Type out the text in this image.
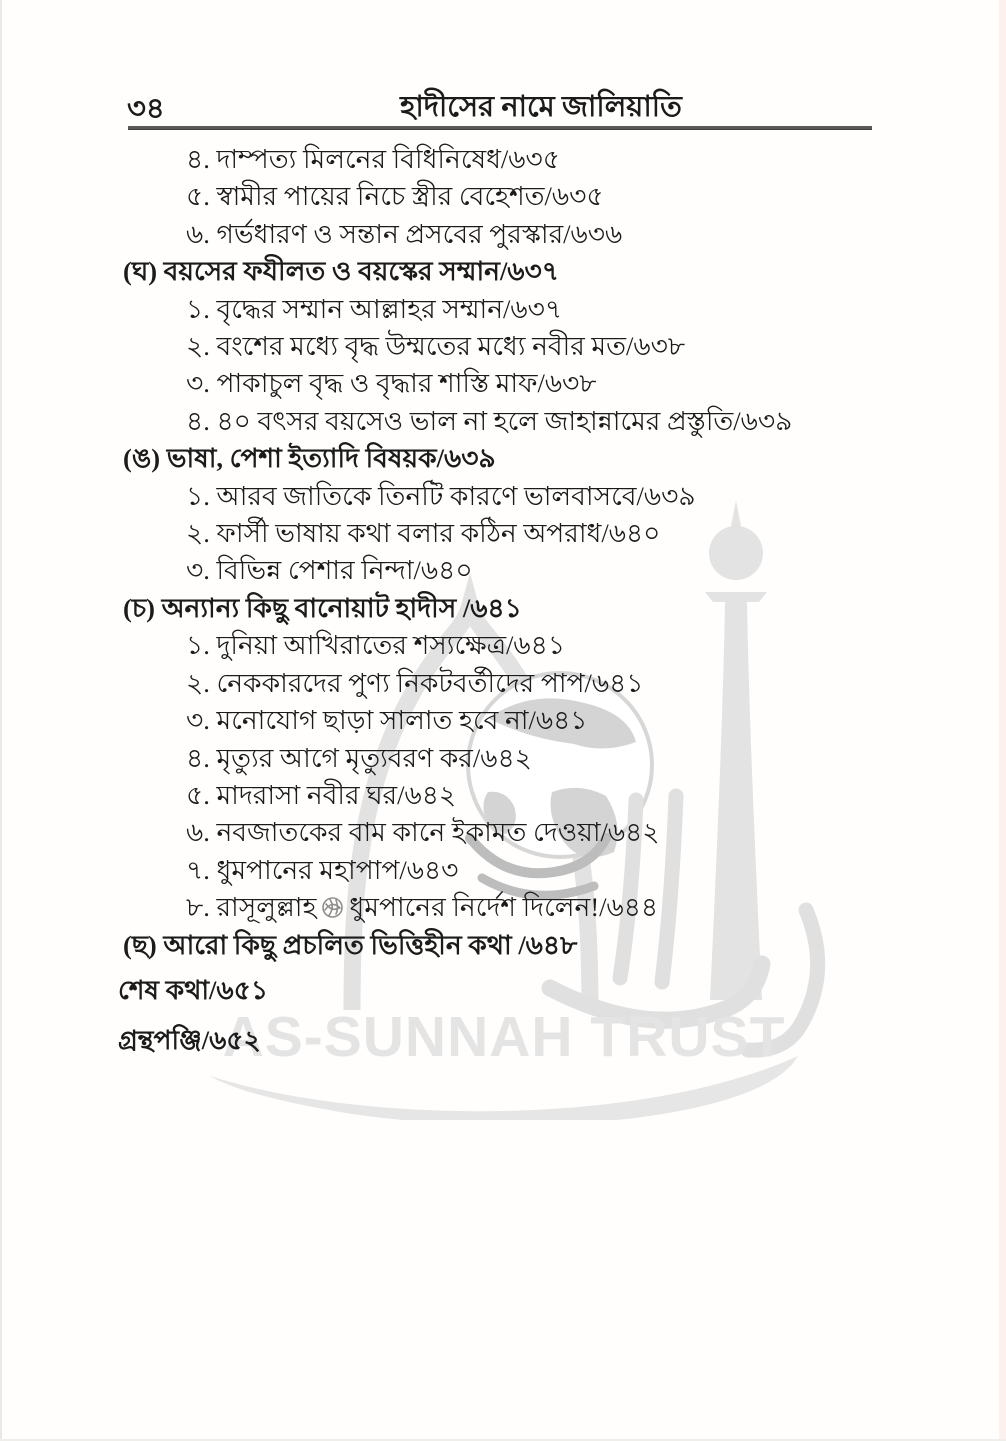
AS-SUNNAH TRUST
৩৪	হাদীসের নামে জালিয়াতি
৪. দাম্পত্য মিলনের বিধিনিষেধ/৬৩৫
৫. স্বামীর পায়ের নিচে স্ত্রীর বেহেশত/৬৩৫
৬. গর্ভধারণ ও সন্তান প্রসবের পুরস্কার/৬৩৬
(ঘ) বয়সের ফযীলত ও বয়স্কের সম্মান/৬৩৭
১. বৃদ্ধের সম্মান আল্লাহর সম্মান/৬৩৭
২. বংশের মধ্যে বৃদ্ধ উম্মতের মধ্যে নবীর মত/৬৩৮
৩. পাকাচুল বৃদ্ধ ও বৃদ্ধার শাস্তি মাফ/৬৩৮
৪. ৪০ বৎসর বয়সেও ভাল না হলে জাহান্নামের প্রস্তুতি/৬৩৯
(ঙ) ভাষা, পেশা ইত্যাদি বিষয়ক/৬৩৯
১. আরব জাতিকে তিনটি কারণে ভালবাসবে/৬৩৯
২. ফার্সী ভাষায় কথা বলার কঠিন অপরাধ/৬৪০
৩. বিভিন্ন পেশার নিন্দা/৬৪০
(চ) অন্যান্য কিছু বানোয়াট হাদীস /৬৪১
১. দুনিয়া আখিরাতের শস্যক্ষেত্র/৬৪১
২. নেককারদের পুণ্য নিকটবর্তীদের পাপ/৬৪১
৩. মনোযোগ ছাড়া সালাত হবে না/৬৪১
৪. মৃত্যুর আগে মৃত্যুবরণ কর/৬৪২
৫. মাদরাসা নবীর ঘর/৬৪২
৬. নবজাতকের বাম কানে ইকামত দেওয়া/৬৪২
৭. ধুমপানের মহাপাপ/৬৪৩
৮. রাসূলুল্লাহ ধুমপানের নির্দেশ দিলেন!/৬৪৪
(ছ) আরো কিছু প্রচলিত ভিত্তিহীন কথা /৬৪৮
শেষ কথা/৬৫১
গ্রন্থপঞ্জি/৬৫২
